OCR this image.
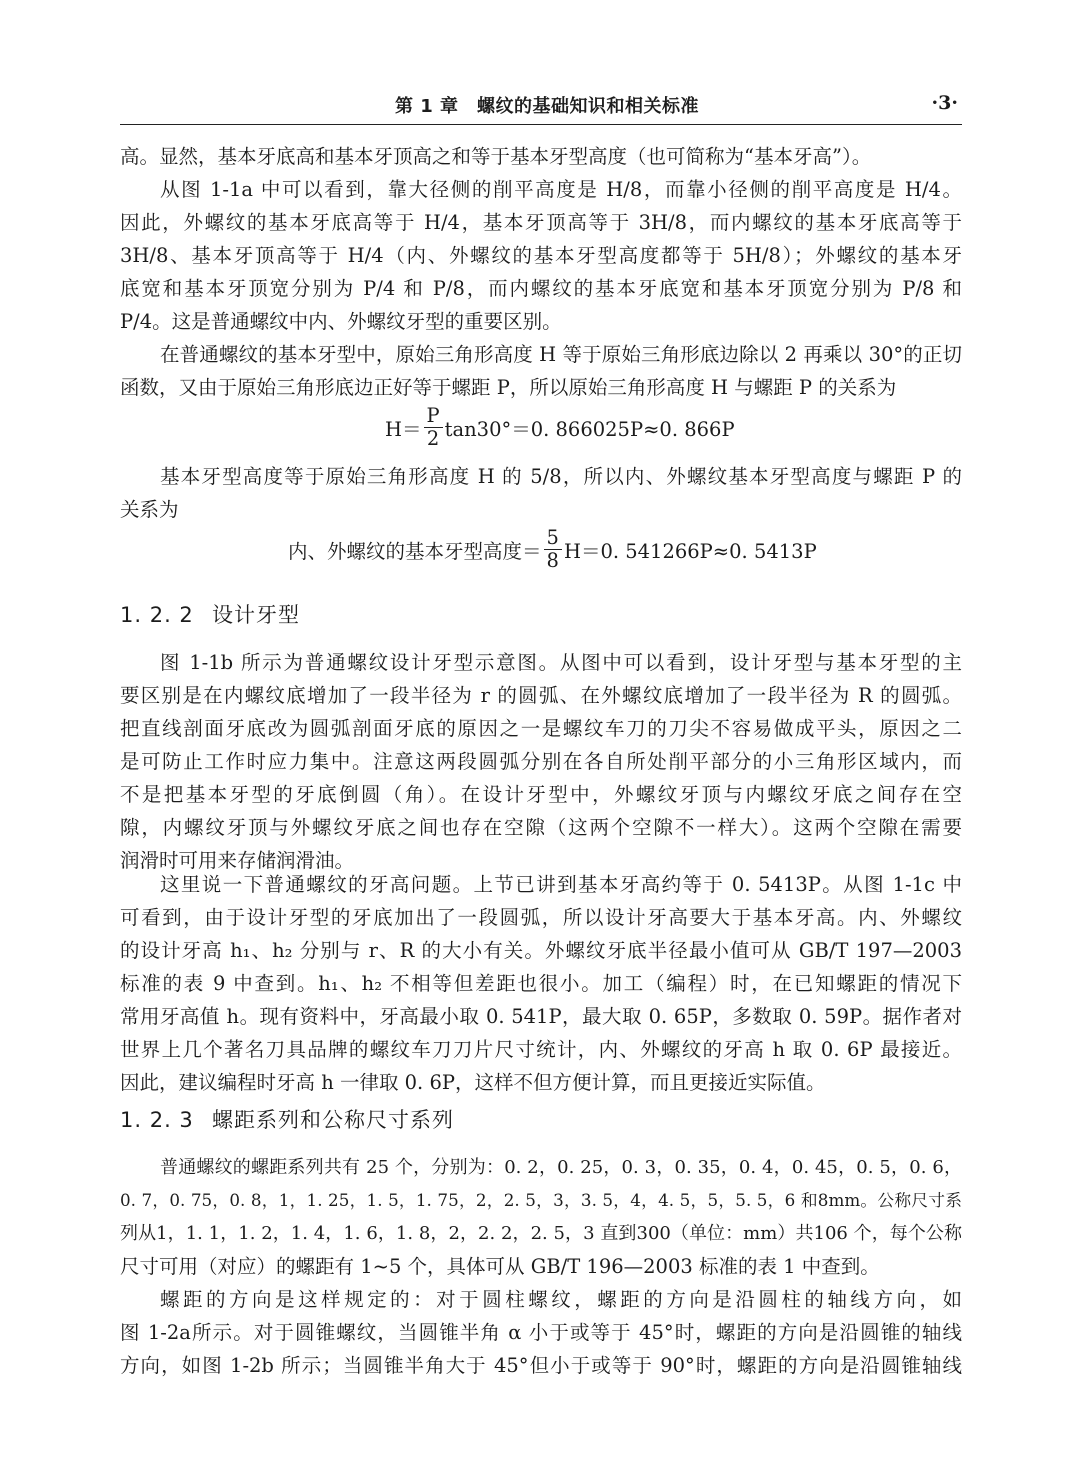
第 1 章　螺纹的基础知识和相关标准	·3·
高。显然，基本牙底高和基本牙顶高之和等于基本牙型高度（也可简称为“基本牙高”）。
从图 1-1a 中可以看到，靠大径侧的削平高度是 H/8，而靠小径侧的削平高度是 H/4。
因此，外螺纹的基本牙底高等于 H/4，基本牙顶高等于 3H/8，而内螺纹的基本牙底高等于
3H/8、基本牙顶高等于 H/4（内、外螺纹的基本牙型高度都等于 5H/8）；外螺纹的基本牙
底宽和基本牙顶宽分别为 P/4 和 P/8，而内螺纹的基本牙底宽和基本牙顶宽分别为 P/8 和
P/4。这是普通螺纹中内、外螺纹牙型的重要区别。
在普通螺纹的基本牙型中，原始三角形高度 H 等于原始三角形底边除以 2 再乘以 30°的正切
函数，又由于原始三角形底边正好等于螺距 P，所以原始三角形高度 H 与螺距 P 的关系为
$H= \frac{P}{2} \tan 30^\circ=0$. 866025P≈0. 866P
基本牙型高度等于原始三角形高度 H 的 5/8，所以内、外螺纹基本牙型高度与螺距 P 的
关系为
内、外螺纹的基本牙型高度＝ $\frac{5}{8} H=0$. 541266P≈0. 5413P
1. 2. 2 设计牙型
图 1-1b 所示为普通螺纹设计牙型示意图。从图中可以看到，设计牙型与基本牙型的主
要区别是在内螺纹底增加了一段半径为 r 的圆弧、在外螺纹底增加了一段半径为 R 的圆弧。
把直线剖面牙底改为圆弧剖面牙底的原因之一是螺纹车刀的刀尖不容易做成平头，原因之二
是可防止工作时应力集中。注意这两段圆弧分别在各自所处削平部分的小三角形区域内，而
不是把基本牙型的牙底倒圆（角）。在设计牙型中，外螺纹牙顶与内螺纹牙底之间存在空
隙，内螺纹牙顶与外螺纹牙底之间也存在空隙（这两个空隙不一样大）。这两个空隙在需要
润滑时可用来存储润滑油。
这里说一下普通螺纹的牙高问题。上节已讲到基本牙高约等于 0. 5413P。从图 1-1c 中
可看到，由于设计牙型的牙底加出了一段圆弧，所以设计牙高要大于基本牙高。内、外螺纹
的设计牙高 h₁、h₂ 分别与 r、R 的大小有关。外螺纹牙底半径最小值可从 GB/T 197—2003
标准的表 9 中查到。h₁、h₂ 不相等但差距也很小。加工（编程）时，在已知螺距的情况下
常用牙高值 h。现有资料中，牙高最小取 0. 541P，最大取 0. 65P，多数取 0. 59P。据作者对
世界上几个著名刀具品牌的螺纹车刀刀片尺寸统计，内、外螺纹的牙高 h 取 0. 6P 最接近。
因此，建议编程时牙高 h 一律取 0. 6P，这样不但方便计算，而且更接近实际值。
1. 2. 3 螺距系列和公称尺寸系列
普通螺纹的螺距系列共有 25 个，分别为：0. 2，0. 25，0. 3，0. 35，0. 4，0. 45，0. 5，0. 6，
0. 7，0. 75，0. 8，1，1. 25，1. 5，1. 75，2，2. 5，3，3. 5，4，4. 5，5，5. 5，6 和8mm。公称尺寸系
列从1，1. 1，1. 2，1. 4，1. 6，1. 8，2，2. 2，2. 5，3 直到300（单位：mm）共106 个，每个公称
尺寸可用（对应）的螺距有 1~5 个，具体可从 GB/T 196—2003 标准的表 1 中查到。
螺距的方向是这样规定的：对于圆柱螺纹，螺距的方向是沿圆柱的轴线方向，如
图 1-2a所示。对于圆锥螺纹，当圆锥半角 α 小于或等于 45°时，螺距的方向是沿圆锥的轴线
方向，如图 1-2b 所示；当圆锥半角大于 45°但小于或等于 90°时，螺距的方向是沿圆锥轴线
